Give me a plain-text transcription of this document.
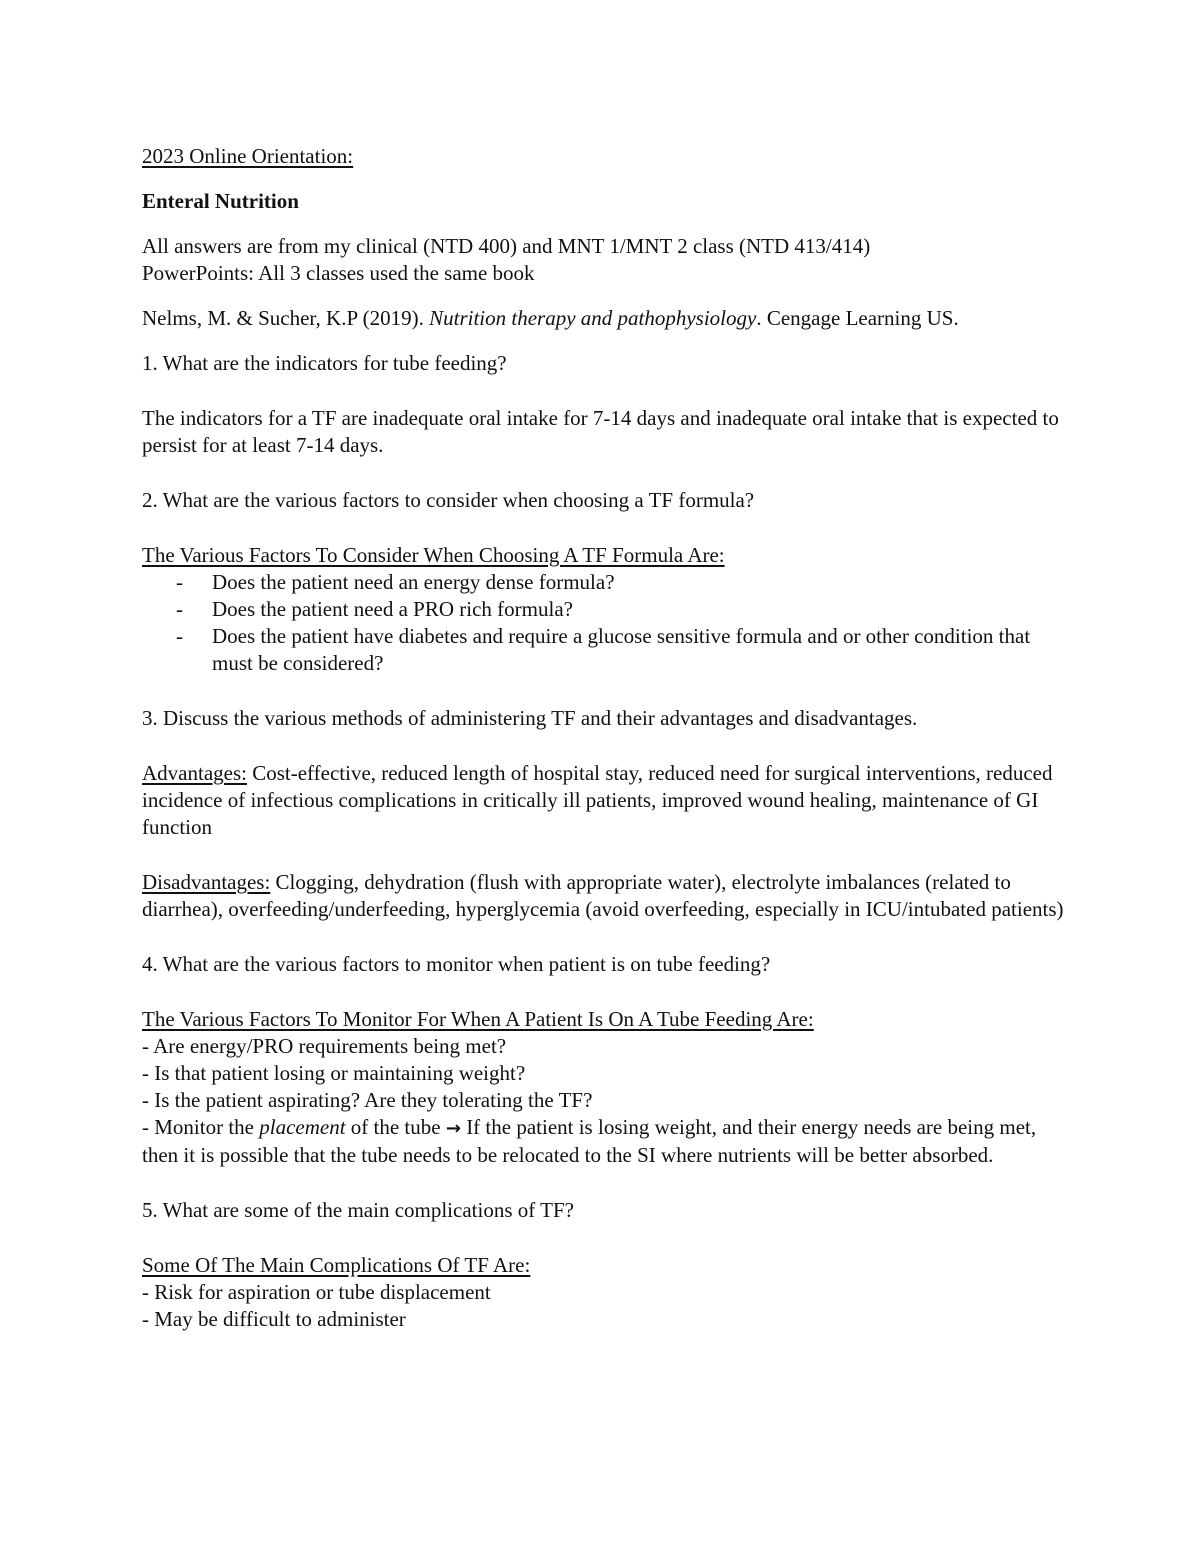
2023 Online Orientation:

Enteral Nutrition

All answers are from my clinical (NTD 400) and MNT 1/MNT 2 class (NTD 413/414)

PowerPoints: All 3 classes used the same book

Nelms, M. & Sucher, K.P (2019). Nutrition therapy and pathophysiology. Cengage Learning US.

1. What are the indicators for tube feeding?

The indicators for a TF are inadequate oral intake for 7-14 days and inadequate oral intake that is expected to persist for at least 7-14 days.

2. What are the various factors to consider when choosing a TF formula?

The Various Factors To Consider When Choosing A TF Formula Are:

- Does the patient need an energy dense formula?
- Does the patient need a PRO rich formula?
- Does the patient have diabetes and require a glucose sensitive formula and or other condition that must be considered?

3. Discuss the various methods of administering TF and their advantages and disadvantages.

Advantages: Cost-effective, reduced length of hospital stay, reduced need for surgical interventions, reduced incidence of infectious complications in critically ill patients, improved wound healing, maintenance of GI function

Disadvantages: Clogging, dehydration (flush with appropriate water), electrolyte imbalances (related to diarrhea), overfeeding/underfeeding, hyperglycemia (avoid overfeeding, especially in ICU/intubated patients)

4. What are the various factors to monitor when patient is on tube feeding?

The Various Factors To Monitor For When A Patient Is On A Tube Feeding Are:

- Are energy/PRO requirements being met?

- Is that patient losing or maintaining weight?

- Is the patient aspirating? Are they tolerating the TF?

- Monitor the placement of the tube → If the patient is losing weight, and their energy needs are being met, then it is possible that the tube needs to be relocated to the SI where nutrients will be better absorbed.

5. What are some of the main complications of TF?

Some Of The Main Complications Of TF Are:

- Risk for aspiration or tube displacement

- May be difficult to administer
